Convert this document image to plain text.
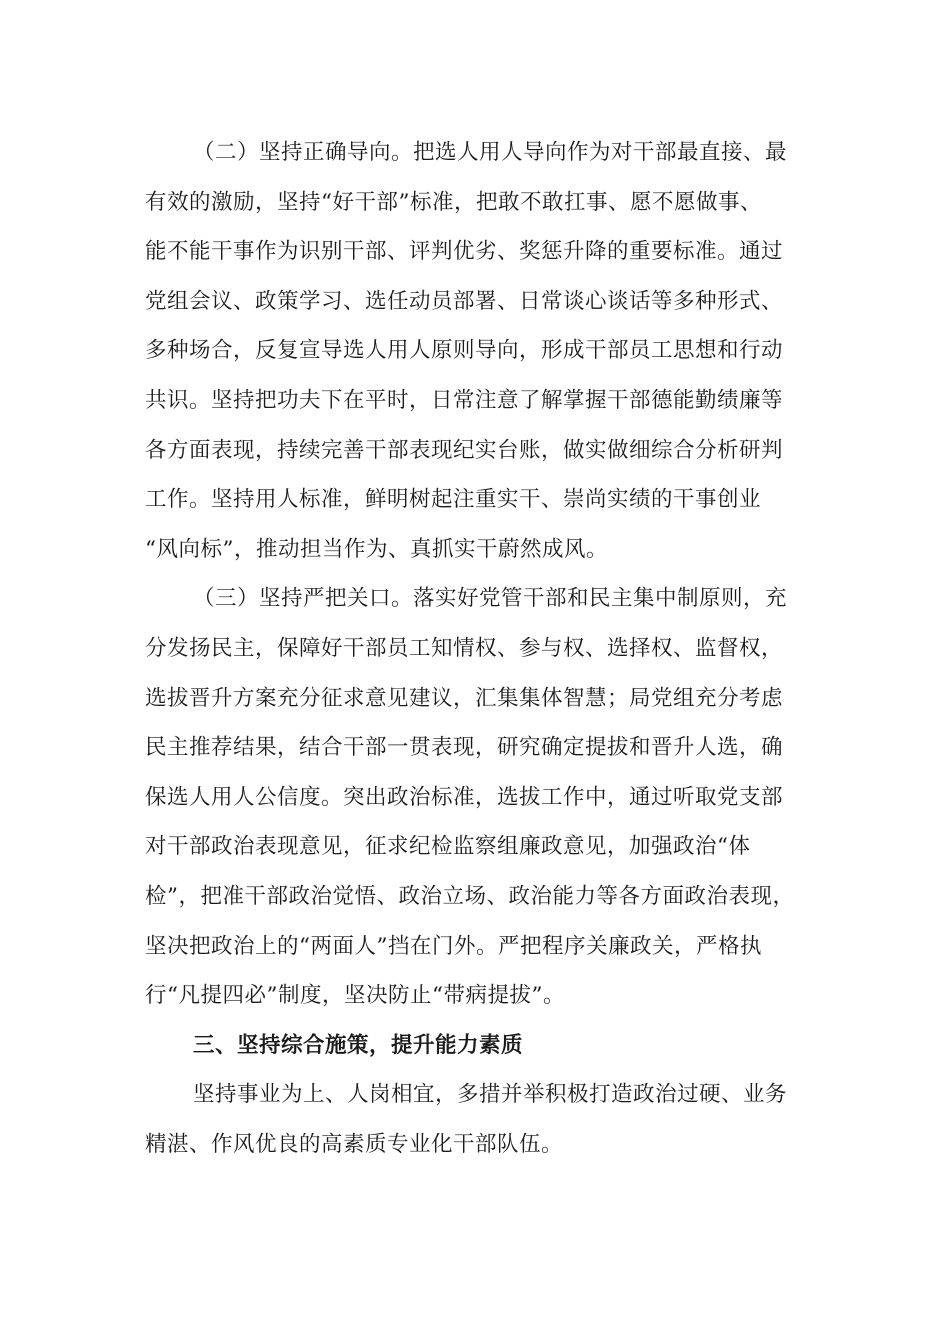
（二）坚持正确导向。把选人用人导向作为对干部最直接、最
有效的激励，坚持“好干部”标准，把敢不敢扛事、愿不愿做事、
能不能干事作为识别干部、评判优劣、奖惩升降的重要标准。通过
党组会议、政策学习、选任动员部署、日常谈心谈话等多种形式、
多种场合，反复宣导选人用人原则导向，形成干部员工思想和行动
共识。坚持把功夫下在平时，日常注意了解掌握干部德能勤绩廉等
各方面表现，持续完善干部表现纪实台账，做实做细综合分析研判
工作。坚持用人标准，鲜明树起注重实干、崇尚实绩的干事创业
“风向标”，推动担当作为、真抓实干蔚然成风。
（三）坚持严把关口。落实好党管干部和民主集中制原则，充
分发扬民主，保障好干部员工知情权、参与权、选择权、监督权，
选拔晋升方案充分征求意见建议，汇集集体智慧；局党组充分考虑
民主推荐结果，结合干部一贯表现，研究确定提拔和晋升人选，确
保选人用人公信度。突出政治标准，选拔工作中，通过听取党支部
对干部政治表现意见，征求纪检监察组廉政意见，加强政治“体
检”，把准干部政治觉悟、政治立场、政治能力等各方面政治表现，
坚决把政治上的“两面人”挡在门外。严把程序关廉政关，严格执
行“凡提四必”制度，坚决防止“带病提拔”。
三、坚持综合施策，提升能力素质
坚持事业为上、人岗相宜，多措并举积极打造政治过硬、业务
精湛、作风优良的高素质专业化干部队伍。
